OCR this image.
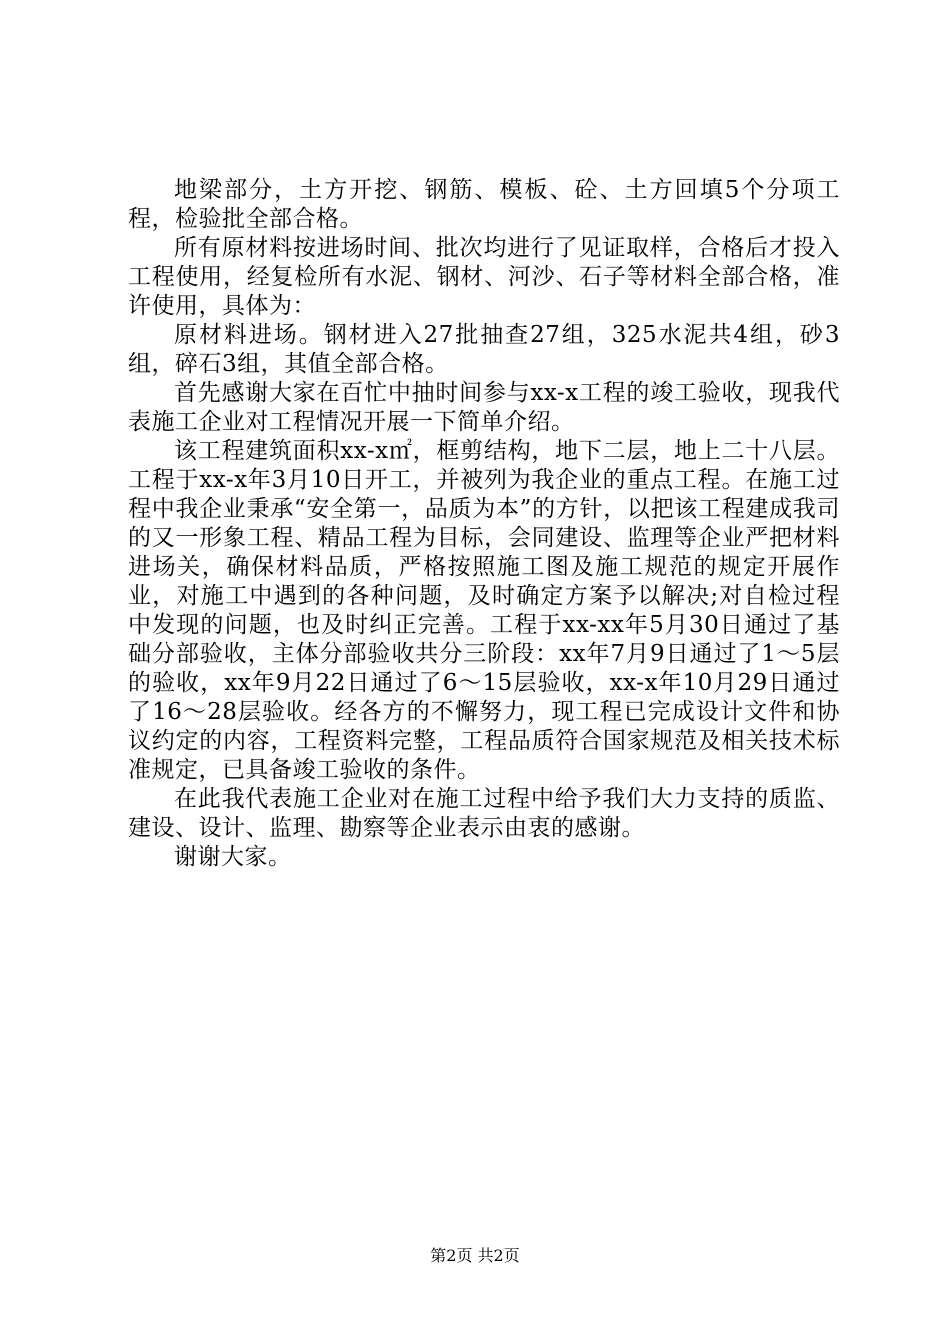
地梁部分，土方开挖、钢筋、模板、砼、土方回填5个分项工程，检验批全部合格。

所有原材料按进场时间、批次均进行了见证取样，合格后才投入工程使用，经复检所有水泥、钢材、河沙、石子等材料全部合格，准许使用，具体为：

原材料进场。钢材进入27批抽查27组，325水泥共4组，砂3组，碎石3组，其值全部合格。

首先感谢大家在百忙中抽时间参与xx-x工程的竣工验收，现我代表施工企业对工程情况开展一下简单介绍。

该工程建筑面积xx-x㎡，框剪结构，地下二层，地上二十八层。工程于xx-x年3月10日开工，并被列为我企业的重点工程。在施工过程中我企业秉承“安全第一，品质为本”的方针，以把该工程建成我司的又一形象工程、精品工程为目标，会同建设、监理等企业严把材料进场关，确保材料品质，严格按照施工图及施工规范的规定开展作业，对施工中遇到的各种问题，及时确定方案予以解决;对自检过程中发现的问题，也及时纠正完善。工程于xx-xx年5月30日通过了基础分部验收，主体分部验收共分三阶段：xx年7月9日通过了1～5层的验收，xx年9月22日通过了6～15层验收，xx-x年10月29日通过了16～28层验收。经各方的不懈努力，现工程已完成设计文件和协议约定的内容，工程资料完整，工程品质符合国家规范及相关技术标准规定，已具备竣工验收的条件。

在此我代表施工企业对在施工过程中给予我们大力支持的质监、建设、设计、监理、勘察等企业表示由衷的感谢。

谢谢大家。

第2页 共2页
